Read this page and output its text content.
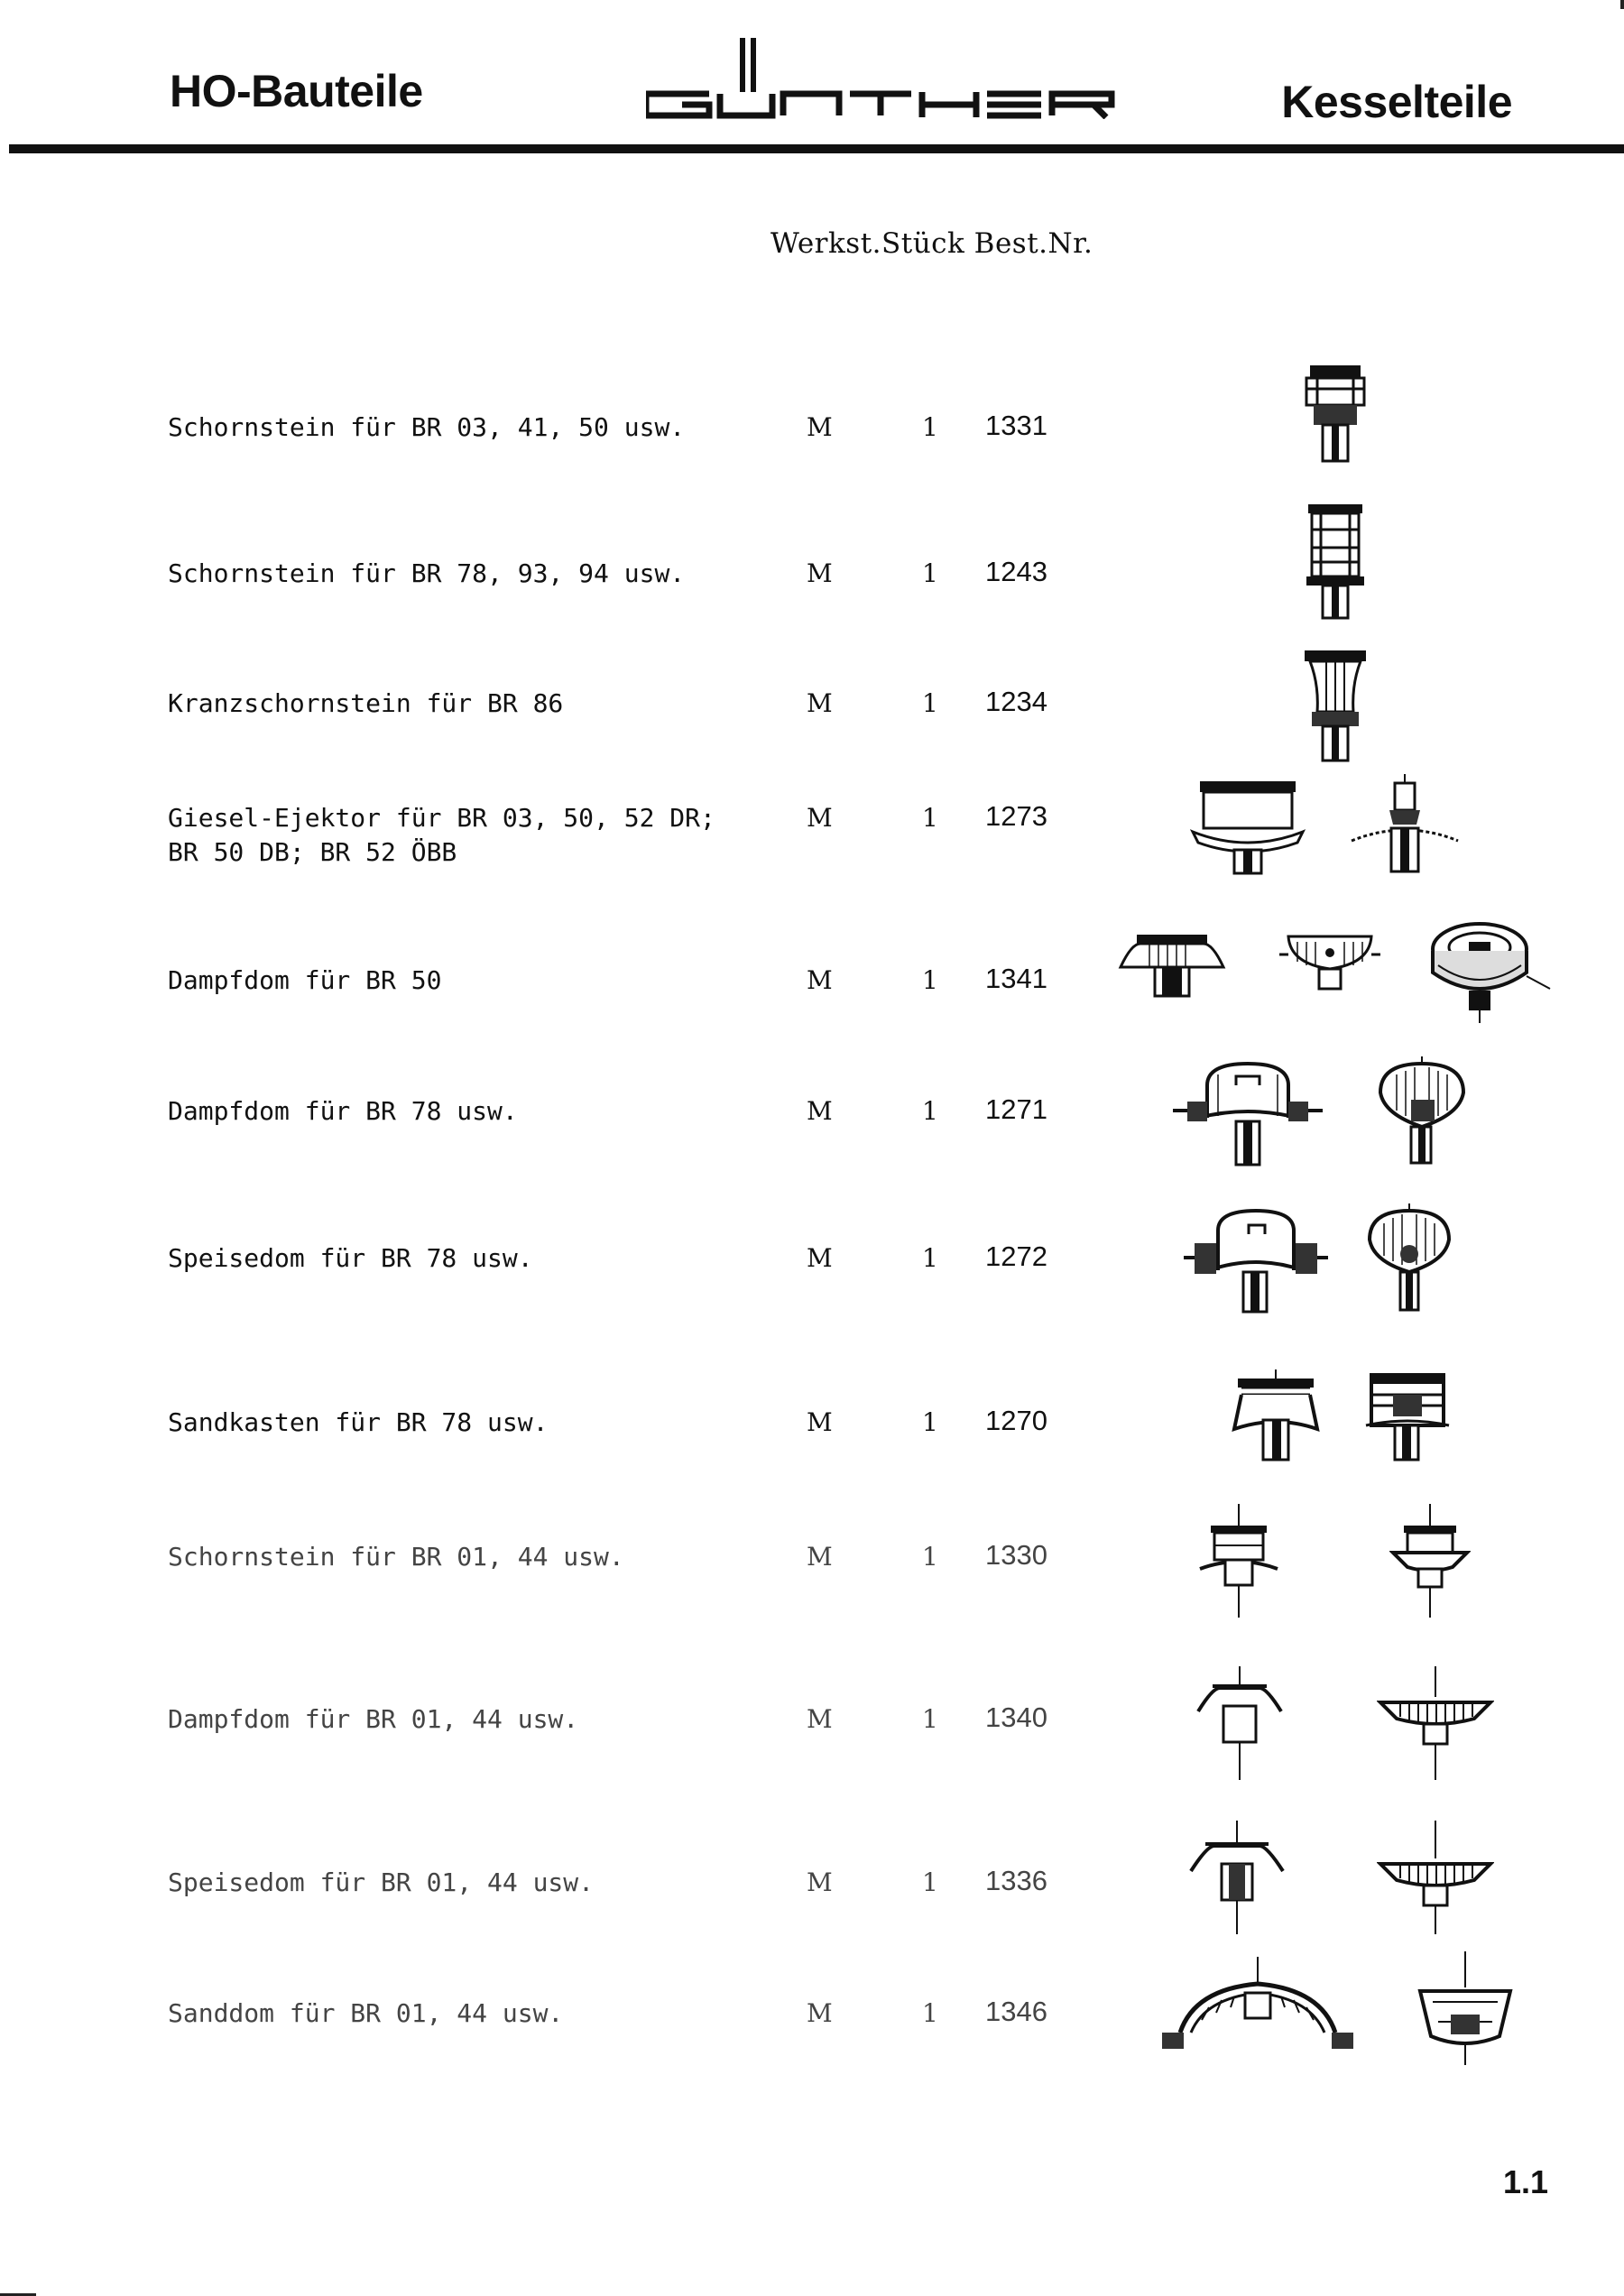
HO-Bauteile	Kesselteile
Werkst.Stück Best.Nr.
Schornstein für BR 03, 41, 50 usw.	M	1 1331
Schornstein für BR 78, 93, 94 usw.	M	1 1243
Kranzschornstein für BR 86	M	1 1234
Giesel-Ejektor für BR 03, 50, 52 DR;
BR 50 DB; BR 52 ÖBB
M	1 1273
Dampfdom für BR 50	M	1 1341
Dampfdom für BR 78 usw.	M	1 1271
Speisedom für BR 78 usw.	M	1 1272
Sandkasten für BR 78 usw.	M	1 1270
Schornstein für BR 01, 44 usw.	M	1 1330
Dampfdom für BR 01, 44 usw.	M	1 1340
Speisedom für BR 01, 44 usw.	M	1 1336
Sanddom für BR 01, 44 usw.	M	1 1346
1.1
